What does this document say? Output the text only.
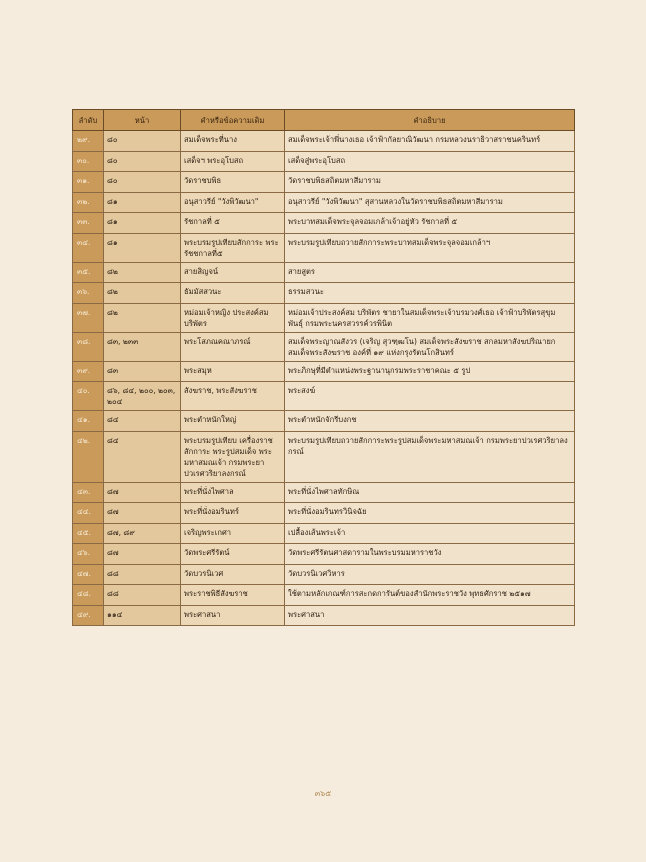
ลำดับ	หน้า	คำหรือข้อความเดิม	คำอธิบาย
๒๙.	๘๐	สมเด็จพระที่นาง	สมเด็จพระเจ้าพี่นางเธอ เจ้าฟ้ากัลยาณิวัฒนา กรมหลวงนราธิวาสราชนครินทร์
๓๐.	๘๐	เสด็จฯ พระอุโบสถ	เสด็จสู่พระอุโบสถ
๓๑.	๘๐	วัดราชบพิธ	วัดราชบพิธสถิตมหาสีมาราม
๓๒.	๘๑	อนุสาวรีย์ "วังพิวัฒนา"	อนุสาวรีย์ "วังพิวัฒนา" สุสานหลวงในวัดราชบพิธสถิตมหาสีมาราม
๓๓.	๘๑	รัชกาลที่ ๕	พระบาทสมเด็จพระจุลจอมเกล้าเจ้าอยู่หัว รัชกาลที่ ๕
๓๔.	๘๑	พระบรมรูปเทียบสักการะ พระรัชชกาลที่๕	พระบรมรูปเทียบถวายสักการะพระบาทสมเด็จพระจุลจอมเกล้าฯ
๓๕.	๘๒	สายสิญจน์	สายสูตร
๓๖.	๘๒	ธัมมัสสวนะ	ธรรมสวนะ
๓๗.	๘๒	หม่อมเจ้าหญิง ประสงค์สม บริพัตร	หม่อมเจ้าประสงค์สม บริพัตร ชายาในสมเด็จพระเจ้าบรมวงศ์เธอ เจ้าฟ้าบริพัตรสุขุมพันธุ์ กรมพระนครสวรรค์วรพินิต
๓๘.	๘๓, ๒๓๓	พระโสภณคณาภรณ์	สมเด็จพระญาณสังวร (เจริญ สุวฑฺฒโน) สมเด็จพระสังฆราช สกลมหาสังฆปริณายก สมเด็จพระสังฆราช องค์ที่ ๑๙ แห่งกรุงรัตนโกสินทร์
๓๙.	๘๓	พระสมุห	พระภิกษุที่มีตำแหน่งพระฐานานุกรมพระราชาคณะ ๕ รูป
๔๐.	๘๖, ๘๔, ๒๐๐, ๒๐๓, ๒๐๔	สังฆราช, พระสังฆราช	พระสงฆ์
๔๑.	๘๔	พระตำหนักใหญ่	พระตำหนักจักรีบงกช
๔๒.	๘๔	พระบรมรูปเทียบ เครื่องราชสักการะ พระรูปสมเด็จ พระมหาสมณเจ้า กรมพระยา ปวเรศวริยาลงกรณ์	พระบรมรูปเทียบถวายสักการะพระรูปสมเด็จพระมหาสมณเจ้า กรมพระยาปวเรศวริยาลงกรณ์
๔๓.	๘๗	พระที่นั่งไพศาล	พระที่นั่งไพศาลทักษิณ
๔๔.	๘๗	พระที่นั่งอมรินทร์	พระที่นั่งอมรินทรวินิจฉัย
๔๕.	๘๗, ๘๙	เจริญพระเกศา	เปลื้องเส้นพระเจ้า
๔๖.	๘๗	วัดพระศรีรัตน์	วัดพระศรีรัตนศาสดารามในพระบรมมหาราชวัง
๔๗.	๘๘	วัดบวรนิเวศ	วัดบวรนิเวศวิหาร
๔๘.	๘๘	พระราชพิธีสังฆราช	ใช้ตามหลักเกณฑ์การสะกดการันต์ของสำนักพระราชวัง พุทธศักราช ๒๕๑๗
๔๙.	๑๑๔	พระศาสนา	พระศาสนา
๓๖๕
